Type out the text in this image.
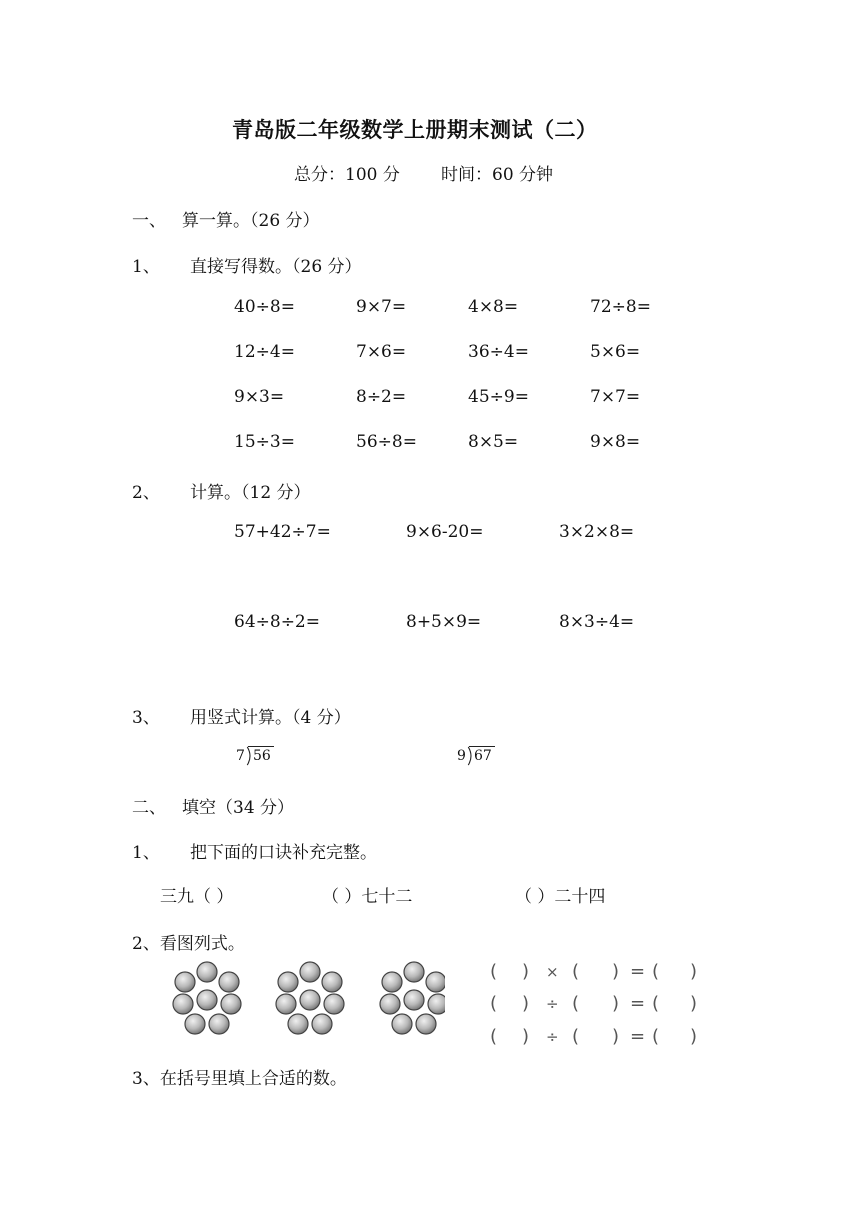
青岛版二年级数学上册期末测试（二）
总分：100 分 时间：60 分钟
一、 算一算。（26 分）
1、 直接写得数。（26 分）
40÷8=	9×7=	4×8=	72÷8=
12÷4=	7×6=	36÷4=	5×6=
9×3=	8÷2=	45÷9=	7×7=
15÷3=	56÷8=	8×5=	9×8=
2、 计算。（12 分）
57+42÷7=	9×6-20=	3×2×8=
64÷8÷2=	8+5×9=	8×3÷4=
3、 用竖式计算。（4 分）
7 56	9 67
二、 填空（34 分）
1、 把下面的口诀补充完整。
三九（ ）	（ ）七十二	（ ）二十四
2、看图列式。
( ) × ( ) = ( )
( ) ÷ ( ) = ( )
( ) ÷ ( ) = ( )
3、在括号里填上合适的数。
